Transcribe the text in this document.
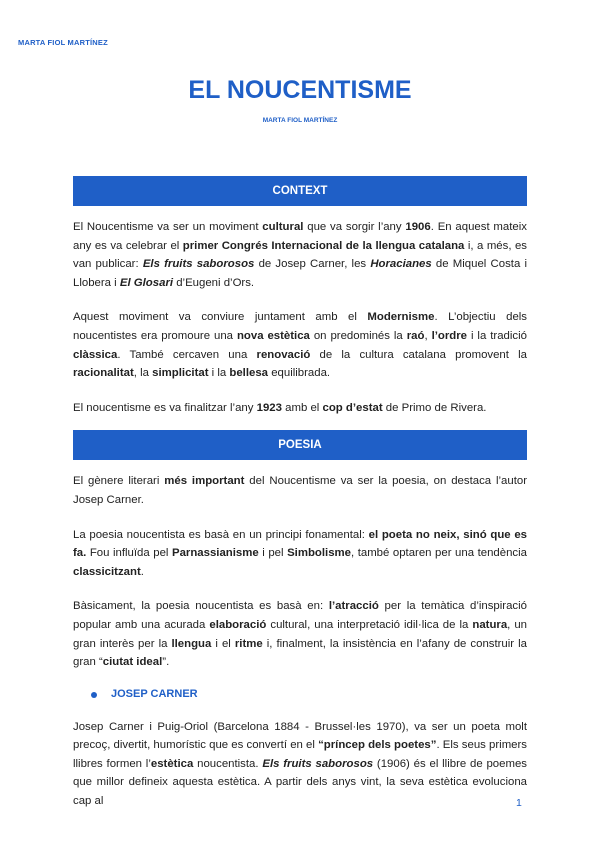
MARTA FIOL MARTÍNEZ
EL NOUCENTISME
MARTA FIOL MARTÍNEZ
CONTEXT

El Noucentisme va ser un moviment cultural que va sorgir l’any 1906. En aquest mateix any es va celebrar el primer Congrés Internacional de la llengua catalana i, a més, es van publicar: Els fruits saborosos de Josep Carner, les Horacianes de Miquel Costa i Llobera i El Glosari d’Eugeni d’Ors.

Aquest moviment va conviure juntament amb el Modernisme. L’objectiu dels noucentistes era promoure una nova estètica on predominés la raó, l’ordre i la tradició clàssica. També cercaven una renovació de la cultura catalana promovent la racionalitat, la simplicitat i la bellesa equilibrada.

El noucentisme es va finalitzar l’any 1923 amb el cop d’estat de Primo de Rivera.

POESIA

El gènere literari més important del Noucentisme va ser la poesia, on destaca l’autor Josep Carner.

La poesia noucentista es basà en un principi fonamental: el poeta no neix, sinó que es fa. Fou influïda pel Parnassianisme i pel Simbolisme, també optaren per una tendència classicitzant.

Bàsicament, la poesia noucentista es basà en: l’atracció per la temàtica d’inspiració popular amb una acurada elaboració cultural, una interpretació idil·lica de la natura, un gran interès per la llengua i el ritme i, finalment, la insistència en l’afany de construir la gran “ciutat ideal”.

JOSEP CARNER

Josep Carner i Puig-Oriol (Barcelona 1884 - Brussel·les 1970), va ser un poeta molt precoç, divertit, humorístic que es convertí en el “príncep dels poetes”. Els seus primers llibres formen l’estètica noucentista. Els fruits saborosos (1906) és el llibre de poemes que millor defineix aquesta estètica. A partir dels anys vint, la seva estètica evoluciona cap al	1
